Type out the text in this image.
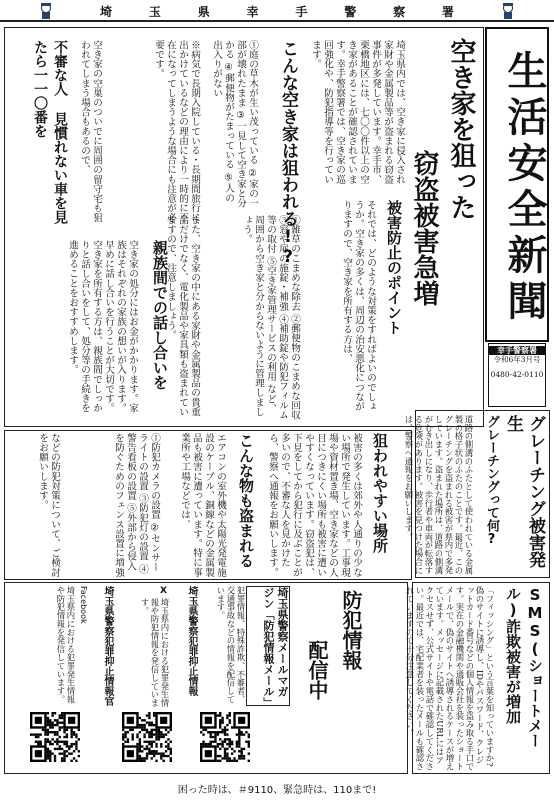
埼	玉	県	幸	手	警	察	署
生活安全新聞
幸手警察署
令和6年3月号
0480-42-0110
空き家を狙った
窃盗被害急増
埼玉県内では、空き家に侵入され家財や金属製品等が盗まれる窃盗事件が多発しています。幸手市、栗橋地区には、七〇〇件以上の空き家があることが確認されています。幸手警察署では、空き家の巡回強化や、防犯指導等を行っています。
こんな空き家は狙われる!?
①庭の草木が生い茂っている ②家の一部が壊れたまま ③一見して空き家と分かる ④郵便物がたまっている ⑤人の出入りがない
※病気で長期入院している・長期間旅行に出かけているなどの理由により一時的に不在になってしまうような場合にも注意が必要です。
空き家の空巣のついでに周囲の留守宅も狙われてしまう場合もあるので、
不審な人 見慣れない車を見たら一一〇番を
被害防止のポイント
それでは、どのような対策をすればよいのでしょうか。空き家の多くは、周辺の治安悪化につながりますので、空き家を所有する方は、
①雑草のこまめな除去 ②郵便物のこまめな回収 ③窓や扉の施錠・補強 ④補助錠や防犯フィルム等の取付 ⑤空き家管理サービスの利用 など、周囲から空き家と分からないように管理しましょう。
また、空き家の中にある家財や金属製品の貴重品だけでなく、電化製品や家具類も盗まれていますので、注意しましょう。
親族間での話し合いを
空き家の処分にはお金がかかります。家族はそれぞれの家族の想いが入ります。早めに話し合いを行うことが大切です。空き家を所有する方は、親族間でしっかりと話し合いをして、処分等の手続きを進めることをおすすめします。
狙われやすい場所
被害の多くは郊外や人通りの少ない場所で発生しています。工事現場や資材置き場、空き家などの人目につきにくい場所も被害に遭いやすくなっています。窃盗犯は、下見をしてから犯行に及ぶことが多いので、不審な人を見かけたら、警察へ通報をお願いします。
こんな物も盗まれる
エアコンの室外機や太陽光発電施設のケーブル、銅線などの金属製品も被害に遭っています。特に事業所や工場などでは、
①防犯カメラの設置 ②センサーライトの設置 ③防犯灯の設置 ④警告看板の設置 ⑤外部から侵入を防ぐためのフェンス設置に増強
などの防犯対策について、ご検討をお願いします。	グレーチング被害発生
グレーチングって何?
道路の側溝のふたとして使われている金属製の格子状のふたのことです。最近、このグレーチングを盗まれる被害が県内で多発しています。盗まれた場所は、道路の側溝がむき出しになり、歩行者や車両が転落する危険があります。被害を見つけた場合には、警察へ通報をお願いします。
SMS(ショートメール)詐欺被害が増加
「フィッシング」という言葉を知っていますか?偽のサイトに誘導し、IDやパスワード、クレジットカード番号などの個人情報を盗み取る手口です。実在の金融機関や通販会社を装ったショートメールで、偽のサイトへ誘導されるケースが増えています。メッセージに記載されたURLにはアクセスせず、公式サイトや電話で確認してください。最近では、宅配業者を装ったメールも確認されていますので十分注意してください。
防犯情報
配信中
埼玉県警察メールマガジン「防犯情報メール」
犯罪情報、特殊詐欺、不審者、交通事故などの情報を配信しています。
埼玉県警察犯罪抑止情報
X
埼玉県内における犯罪発生情報や防犯情報を発信しています。
埼玉県警察犯罪抑止情報官
Facebook
埼玉県内における犯罪発生情報や防犯情報を発信しています。
困った時は、＃9110、緊急時は、110まで!
